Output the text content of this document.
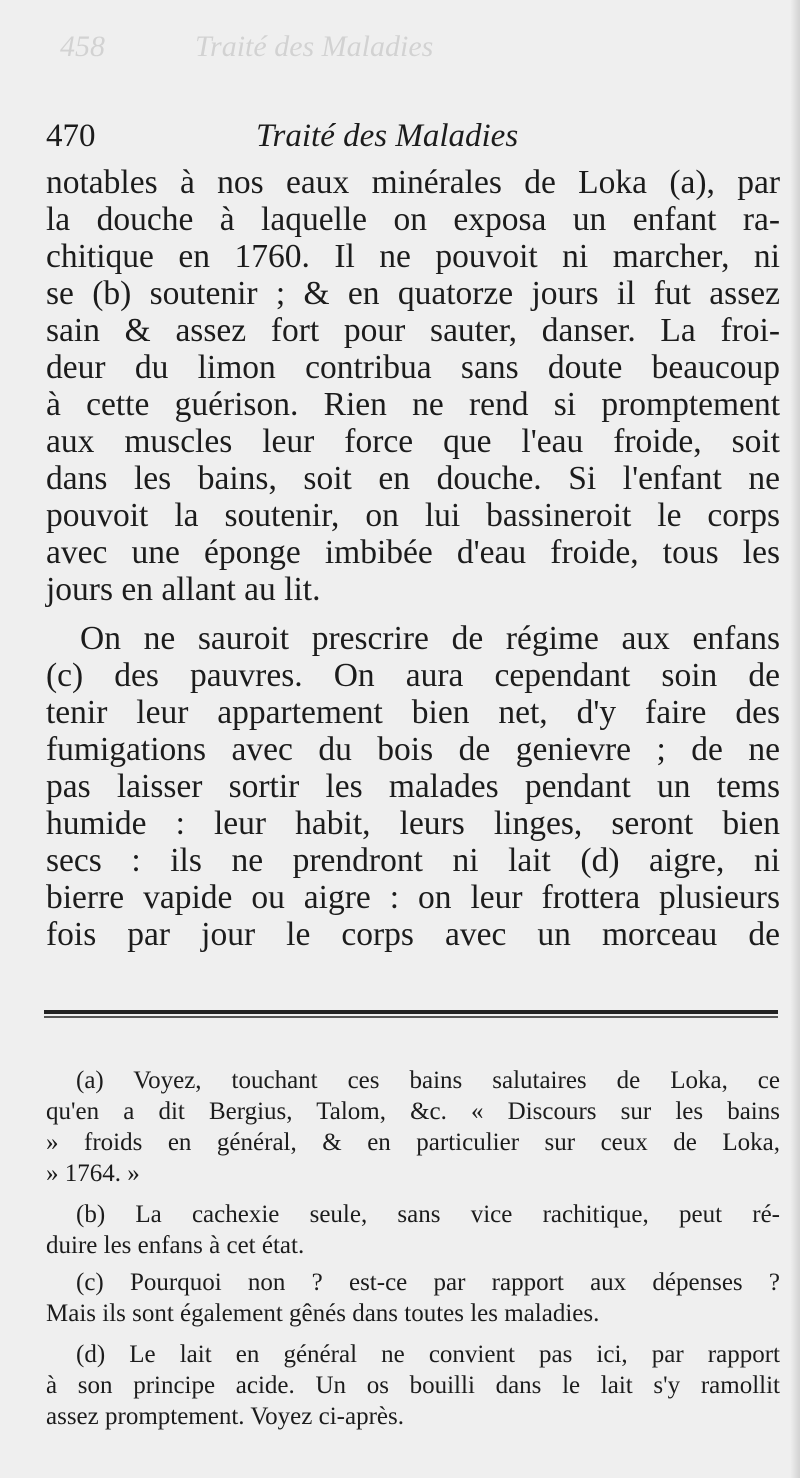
458            Traité des Maladies
470	Traité des Maladies
notables à nos eaux minérales de Loka (a), par
la douche à laquelle on exposa un enfant ra-
chitique en 1760. Il ne pouvoit ni marcher, ni
se (b) soutenir ; & en quatorze jours il fut assez
sain & assez fort pour sauter, danser. La froi-
deur du limon contribua sans doute beaucoup
à cette guérison. Rien ne rend si promptement
aux muscles leur force que l'eau froide, soit
dans les bains, soit en douche. Si l'enfant ne
pouvoit la soutenir, on lui bassineroit le corps
avec une éponge imbibée d'eau froide, tous les
jours en allant au lit.
On ne sauroit prescrire de régime aux enfans
(c) des pauvres. On aura cependant soin de
tenir leur appartement bien net, d'y faire des
fumigations avec du bois de genievre ; de ne
pas laisser sortir les malades pendant un tems
humide : leur habit, leurs linges, seront bien
secs : ils ne prendront ni lait (d) aigre, ni
bierre vapide ou aigre : on leur frottera plusieurs
fois par jour le corps avec un morceau de
(a) Voyez, touchant ces bains salutaires de Loka, ce
qu'en a dit Bergius, Talom, &c. « Discours sur les bains
» froids en général, & en particulier sur ceux de Loka,
» 1764. »
(b) La cachexie seule, sans vice rachitique, peut ré-
duire les enfans à cet état.
(c) Pourquoi non ? est-ce par rapport aux dépenses ?
Mais ils sont également gênés dans toutes les maladies.
(d) Le lait en général ne convient pas ici, par rapport
à son principe acide. Un os bouilli dans le lait s'y ramollit
assez promptement. Voyez ci-après.
